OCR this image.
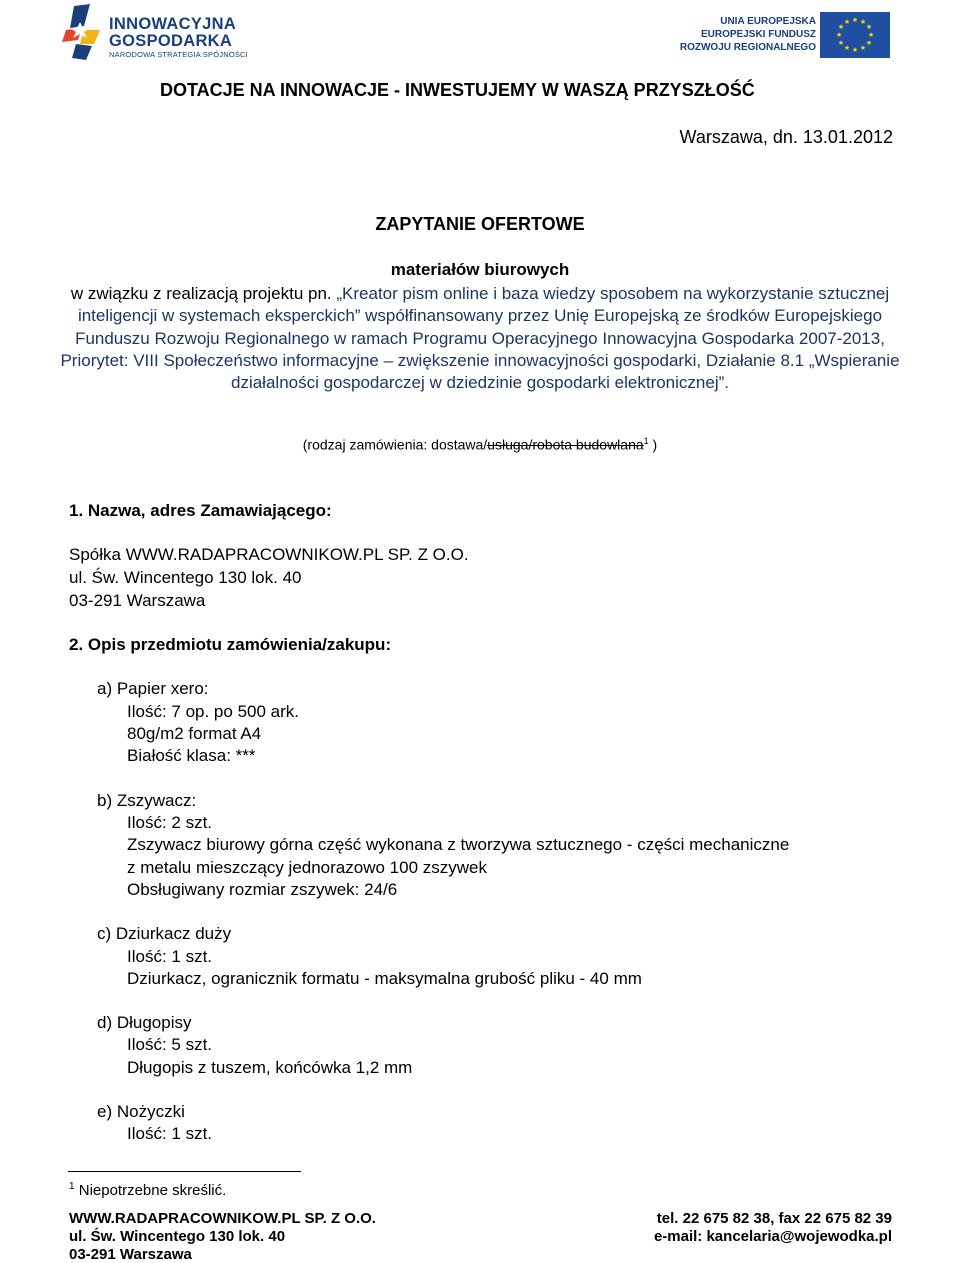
INNOWACYJNA
GOSPODARKA
NARODOWA STRATEGIA SPÓJNOŚCI
UNIA EUROPEJSKA
EUROPEJSKI FUNDUSZ
ROZWOJU REGIONALNEGO
★ ★
★
★
★
★
★
★
★
★
★
★
DOTACJE NA INNOWACJE - INWESTUJEMY W WASZĄ PRZYSZŁOŚĆ
Warszawa, dn. 13.01.2012
ZAPYTANIE OFERTOWE
materiałów biurowych
w związku z realizacją projektu pn. „Kreator pism online i baza wiedzy sposobem na wykorzystanie sztucznej inteligencji w systemach eksperckich” współfinansowany przez Unię Europejską ze środków Europejskiego Funduszu Rozwoju Regionalnego w ramach Programu Operacyjnego Innowacyjna Gospodarka 2007-2013, Priorytet: VIII Społeczeństwo informacyjne – zwiększenie innowacyjności gospodarki, Działanie 8.1 „Wspieranie działalności gospodarczej w dziedzinie gospodarki elektronicznej”.
(rodzaj zamówienia: dostawa/usługa/robota budowlana$^1$ )
1. Nazwa, adres Zamawiającego:
Spółka WWW.RADAPRACOWNIKOW.PL SP. Z O.O.
ul. Św. Wincentego 130 lok. 40
03-291 Warszawa
2. Opis przedmiotu zamówienia/zakupu:
a) Papier xero:
Ilość: 7 op. po 500 ark.
80g/m2 format A4
Białość klasa: ***
b) Zszywacz:
Ilość: 2 szt.
Zszywacz biurowy górna część wykonana z tworzywa sztucznego - części mechaniczne
z metalu mieszczący jednorazowo 100 zszywek
Obsługiwany rozmiar zszywek: 24/6
c) Dziurkacz duży
Ilość: 1 szt.
Dziurkacz, ogranicznik formatu - maksymalna grubość pliku - 40 mm
d) Długopisy
Ilość: 5 szt.
Długopis z tuszem, końcówka 1,2 mm
e) Nożyczki
Ilość: 1 szt.
$^1$ Niepotrzebne skreślić.
WWW.RADAPRACOWNIKOW.PL SP. Z O.O.
ul. Św. Wincentego 130 lok. 40
03-291 Warszawa
tel. 22 675 82 38, fax 22 675 82 39
e-mail: kancelaria@wojewodka.pl
